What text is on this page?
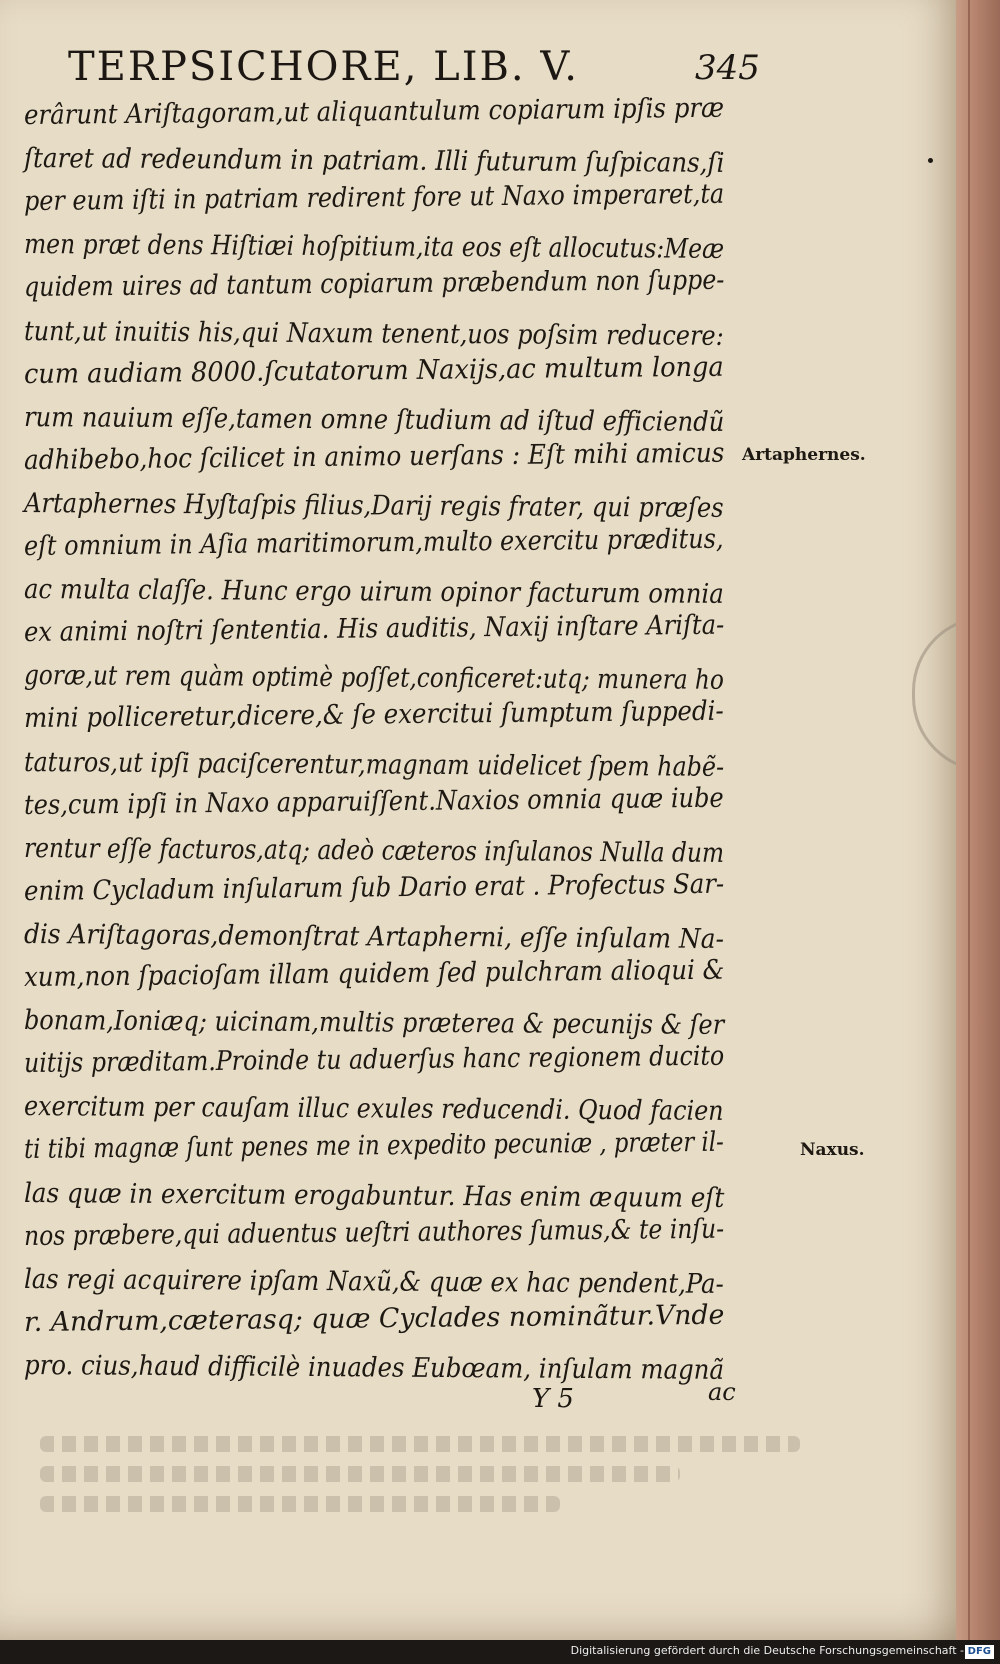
TERPSICHORE, LIB. V.	345
erârunt Ariſtagoram,ut aliquantulum copiarum ipſis præ
ſtaret ad redeundum in patriam. Illi futurum ſuſpicans,ſi
per eum iſti in patriam redirent fore ut Naxo imperaret,ta
men præt dens Hiſtiæi hoſpitium,ita eos eſt allocutus:Meæ
quidem uires ad tantum copiarum præbendum non ſuppe-
tunt,ut inuitis his,qui Naxum tenent,uos poſsim reducere:
cum audiam 8000.ſcutatorum Naxijs,ac multum longa
rum nauium eſſe,tamen omne ſtudium ad iſtud efficiendũ
adhibebo,hoc ſcilicet in animo uerſans : Eſt mihi amicus
Artaphernes Hyſtaſpis filius,Darij regis frater, qui præſes
eſt omnium in Aſia maritimorum,multo exercitu præditus,
ac multa claſſe. Hunc ergo uirum opinor facturum omnia
ex animi noſtri ſententia. His auditis, Naxij inſtare Ariſta-
goræ,ut rem quàm optimè poſſet,conficeret:utq; munera ho
mini polliceretur,dicere,& ſe exercitui ſumptum ſuppedi-
taturos,ut ipſi paciſcerentur,magnam uidelicet ſpem habẽ-
tes,cum ipſi in Naxo apparuiſſent.Naxios omnia quæ iube
rentur eſſe facturos,atq; adeò cæteros inſulanos Nulla dum
enim Cycladum inſularum ſub Dario erat . Profectus Sar-
dis Ariſtagoras,demonſtrat Artapherni, eſſe inſulam Na-
xum,non ſpacioſam illam quidem ſed pulchram alioqui &
bonam,Ioniæq; uicinam,multis præterea & pecunijs & ſer
uitijs præditam.Proinde tu aduerſus hanc regionem ducito
exercitum per cauſam illuc exules reducendi. Quod facien
ti tibi magnæ ſunt penes me in expedito pecuniæ , præter il-
las quæ in exercitum erogabuntur. Has enim æquum eſt
nos præbere,qui aduentus ueſtri authores ſumus,& te inſu-
las regi acquirere ipſam Naxũ,& quæ ex hac pendent,Pa-
r. Andrum,cæterasq; quæ Cyclades nominãtur.Vnde
pro. cius,haud difficilè inuades Eubœam, inſulam magnã
Artaphernes.
Naxus.
Y 5	ac
Digitalisierung gefördert durch die Deutsche Forschungsgemeinschaft - DFG
